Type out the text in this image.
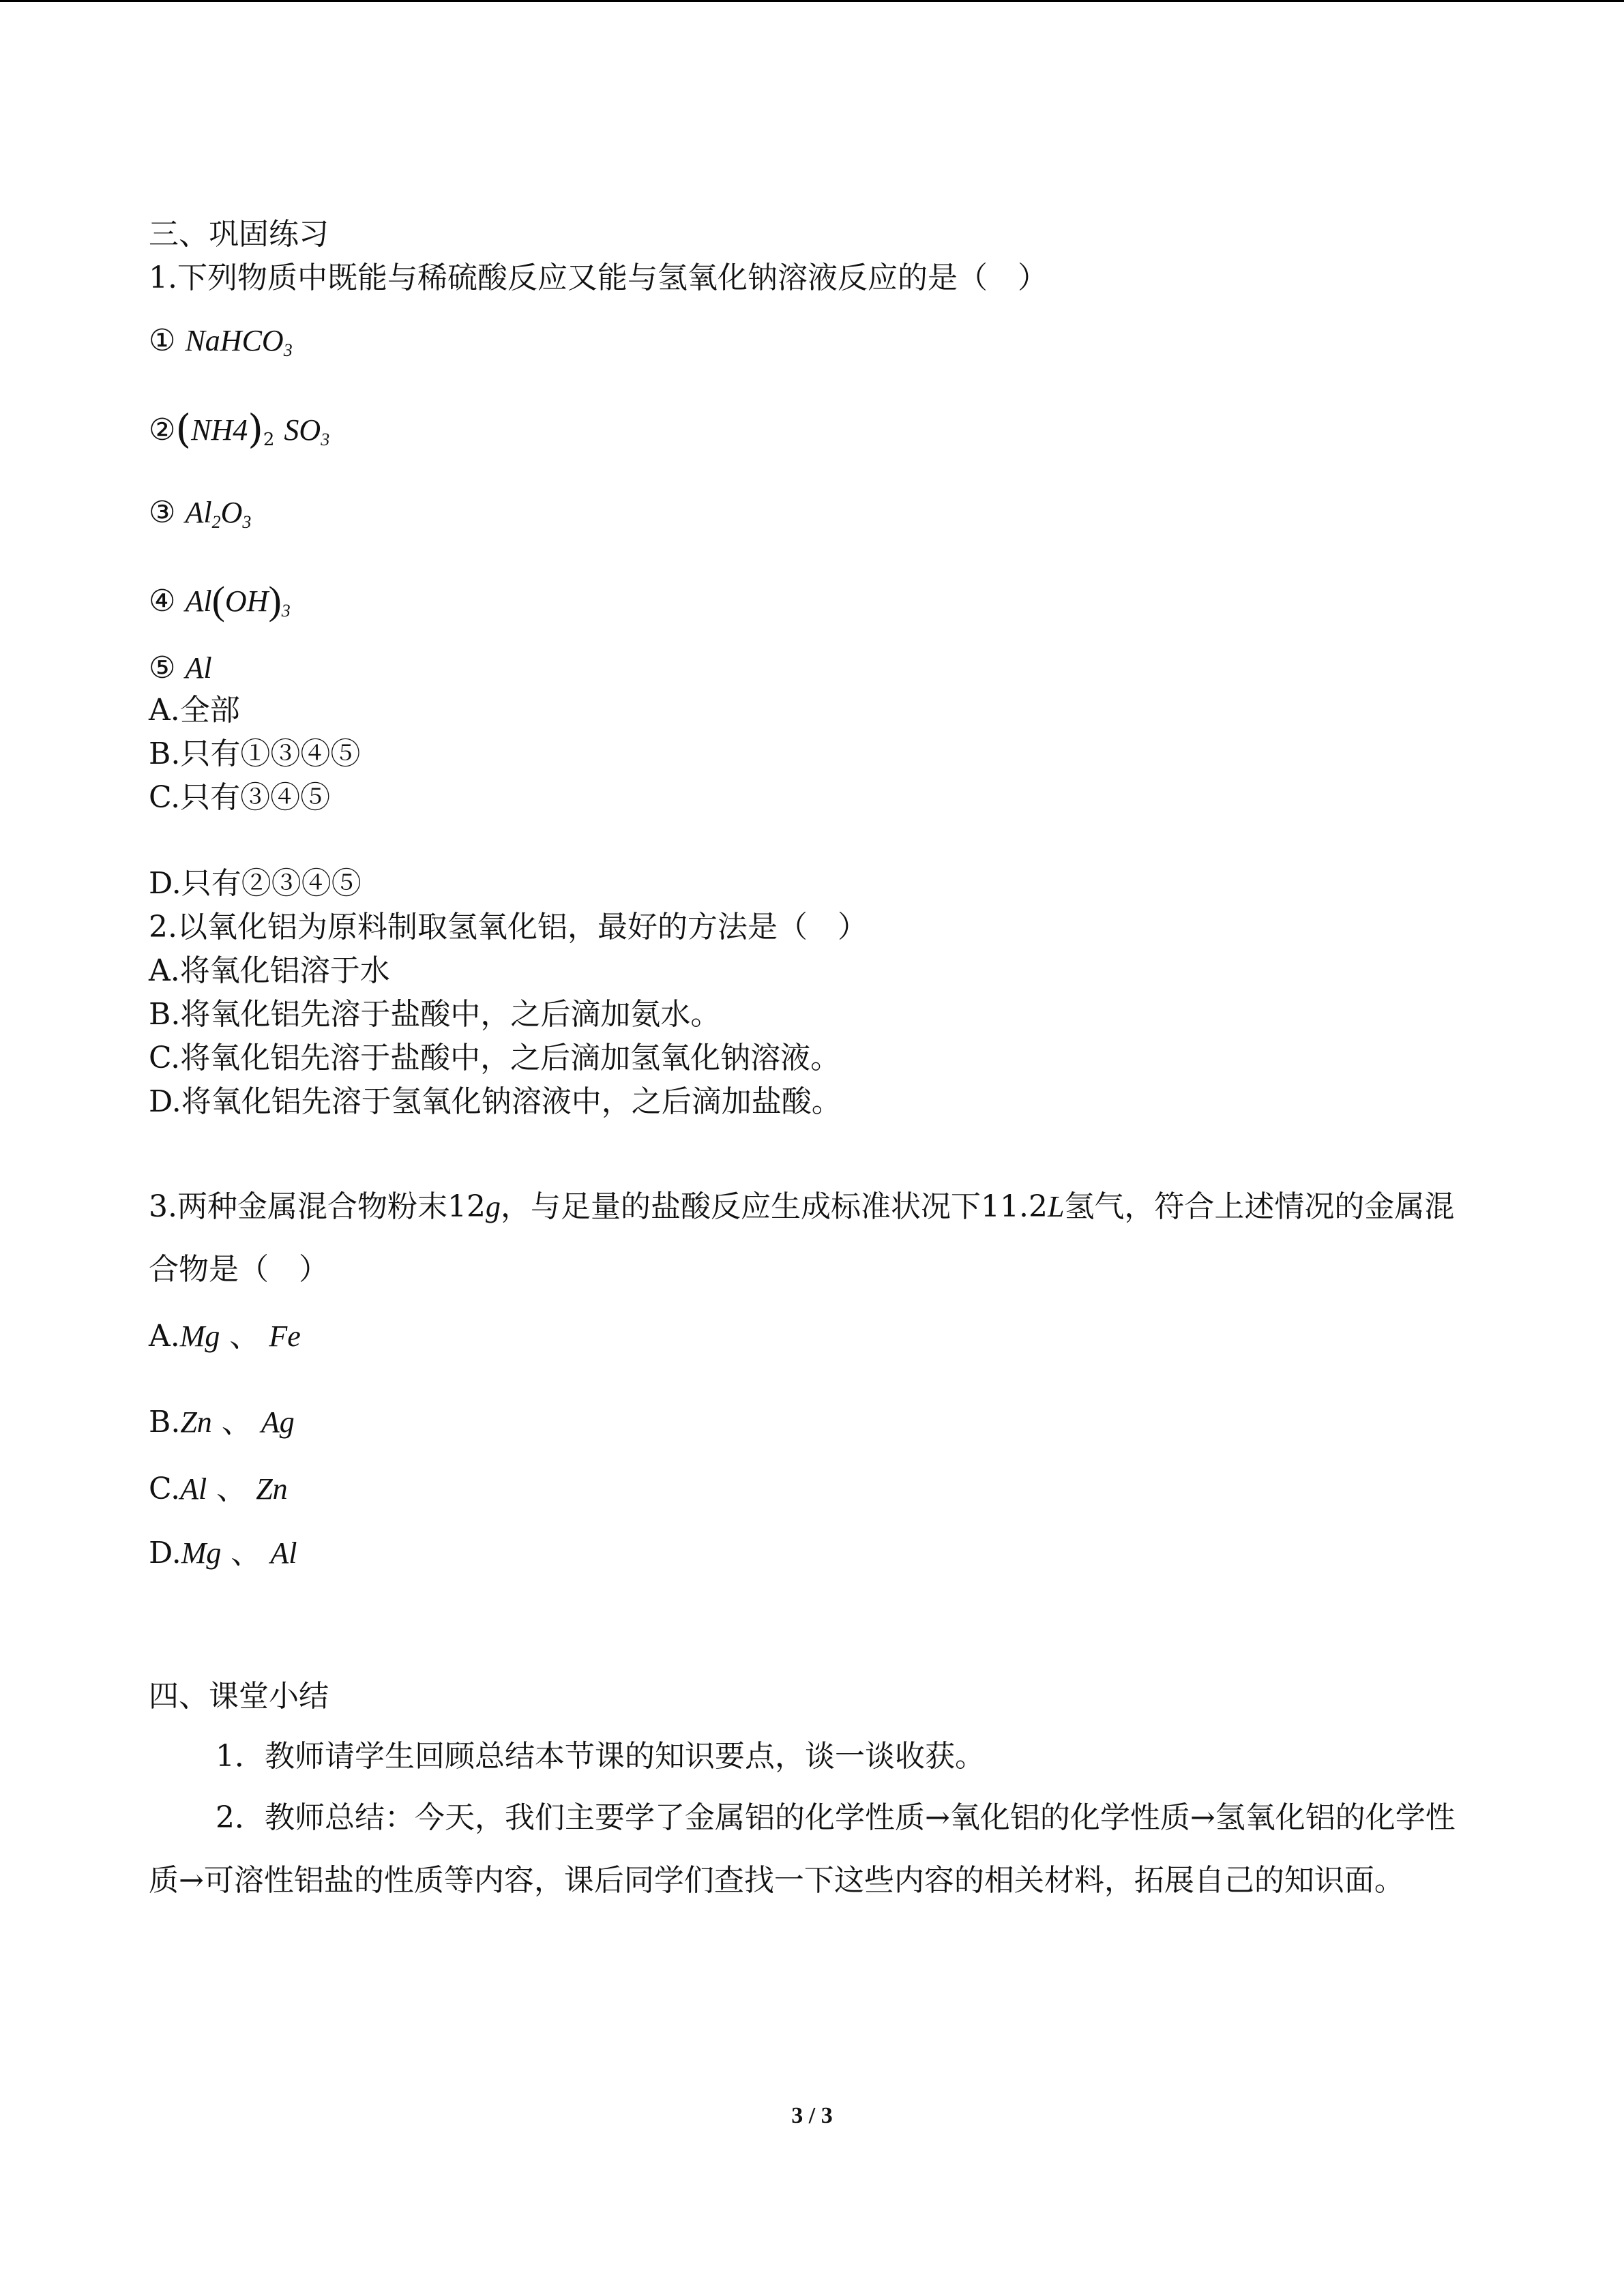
三、巩固练习
1.下列物质中既能与稀硫酸反应又能与氢氧化钠溶液反应的是（　）
① NaHCO$_3$
$②(NH4)_2$ $SO_3$
③ $Al_2O_3$
④ $Al(OH)_3$
⑤ Al
A.全部
B.只有①③④⑤
C.只有③④⑤
D.只有②③④⑤
2.以氧化铝为原料制取氢氧化铝，最好的方法是（　）
A.将氧化铝溶于水
B.将氧化铝先溶于盐酸中，之后滴加氨水。
C.将氧化铝先溶于盐酸中，之后滴加氢氧化钠溶液。
D.将氧化铝先溶于氢氧化钠溶液中，之后滴加盐酸。
3.两种金属混合物粉末12g，与足量的盐酸反应生成标准状况下11.2L氢气，符合上述情况的金属混合物是（　）
A.Mg 、 Fe
B.Zn 、 Ag
C.Al 、 Zn
D.Mg 、 Al
四、课堂小结
1．教师请学生回顾总结本节课的知识要点，谈一谈收获。
2．教师总结：今天，我们主要学了金属铝的化学性质→氧化铝的化学性质→氢氧化铝的化学性质→可溶性铝盐的性质等内容，课后同学们查找一下这些内容的相关材料，拓展自己的知识面。
3 / 3
